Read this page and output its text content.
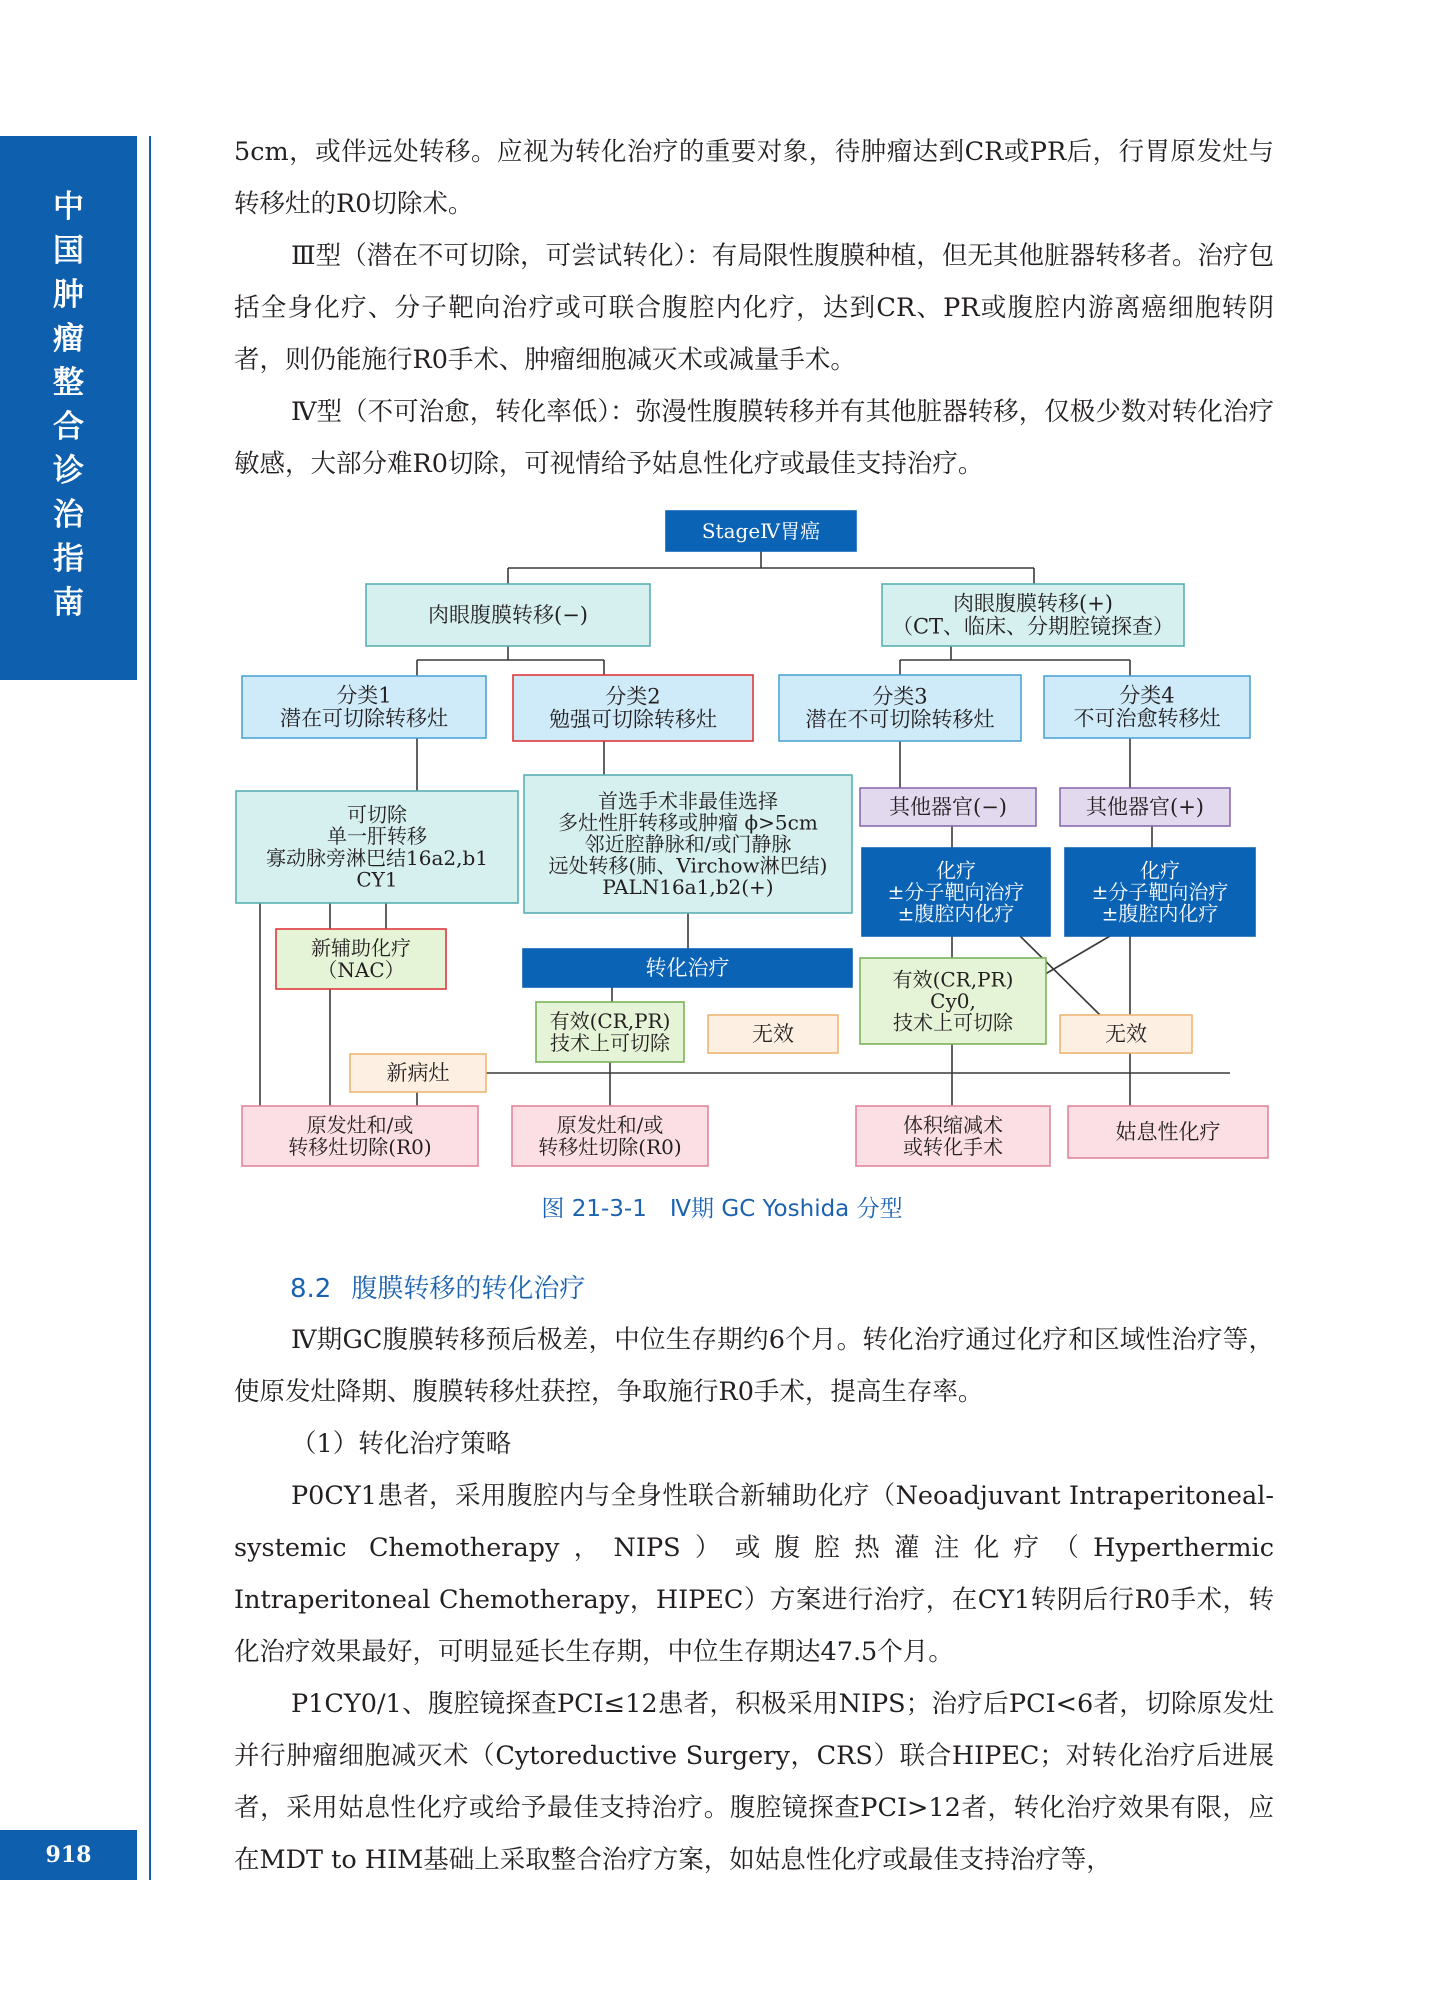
中
国
肿
瘤
整
合
诊
治
指
南
918

5cm，或伴远处转移。应视为转化治疗的重要对象，待肿瘤达到CR或PR后，行胃原发灶与转移灶的R0切除术。

Ⅲ型（潜在不可切除，可尝试转化）：有局限性腹膜种植，但无其他脏器转移者。治疗包括全身化疗、分子靶向治疗或可联合腹腔内化疗，达到CR、PR或腹腔内游离癌细胞转阴者，则仍能施行R0手术、肿瘤细胞减灭术或减量手术。

Ⅳ型（不可治愈，转化率低）：弥漫性腹膜转移并有其他脏器转移，仅极少数对转化治疗敏感，大部分难R0切除，可视情给予姑息性化疗或最佳支持治疗。

StageⅣ胃癌
肉眼腹膜转移(−)	肉眼腹膜转移(+)
（CT、临床、分期腔镜探查）
分类1
潜在可切除转移灶
分类2
勉强可切除转移灶
分类3
潜在不可切除转移灶
分类4
不可治愈转移灶
可切除
单一肝转移
寡动脉旁淋巴结16a2,b1
CY1
首选手术非最佳选择
多灶性肝转移或肿瘤 ϕ>5cm
邻近腔静脉和/或门静脉
远处转移(肺、Virchow淋巴结)
PALN16a1,b2(+)
其他器官(−)	其他器官(+)
化疗
±分子靶向治疗
±腹腔内化疗
化疗
±分子靶向治疗
±腹腔内化疗
新辅助化疗
（NAC）	转化治疗
有效(CR,PR)
技术上可切除	无效
有效(CR,PR)
Cy0,
技术上可切除	无效
新病灶
原发灶和/或
转移灶切除(R0)
原发灶和/或
转移灶切除(R0)
体积缩减术
或转化手术
姑息性化疗
图 21-3-1　Ⅳ期 GC Yoshida 分型
8.2 腹膜转移的转化治疗

Ⅳ期GC腹膜转移预后极差，中位生存期约6个月。转化治疗通过化疗和区域性治疗等，使原发灶降期、腹膜转移灶获控，争取施行R0手术，提高生存率。

（1）转化治疗策略

P0CY1患者，采用腹腔内与全身性联合新辅助化疗（Neoadjuvant Intraperitoneal-systemic Chemotherapy，NIPS）或腹腔热灌注化疗（Hyperthermic Intraperitoneal Chemotherapy，HIPEC）方案进行治疗，在CY1转阴后行R0手术，转化治疗效果最好，可明显延长生存期，中位生存期达47.5个月。

P1CY0/1、腹腔镜探查PCI≤12患者，积极采用NIPS；治疗后PCI<6者，切除原发灶并行肿瘤细胞减灭术（Cytoreductive Surgery，CRS）联合HIPEC；对转化治疗后进展者，采用姑息性化疗或给予最佳支持治疗。腹腔镜探查PCI>12者，转化治疗效果有限，应在MDT to HIM基础上采取整合治疗方案，如姑息性化疗或最佳支持治疗等，
